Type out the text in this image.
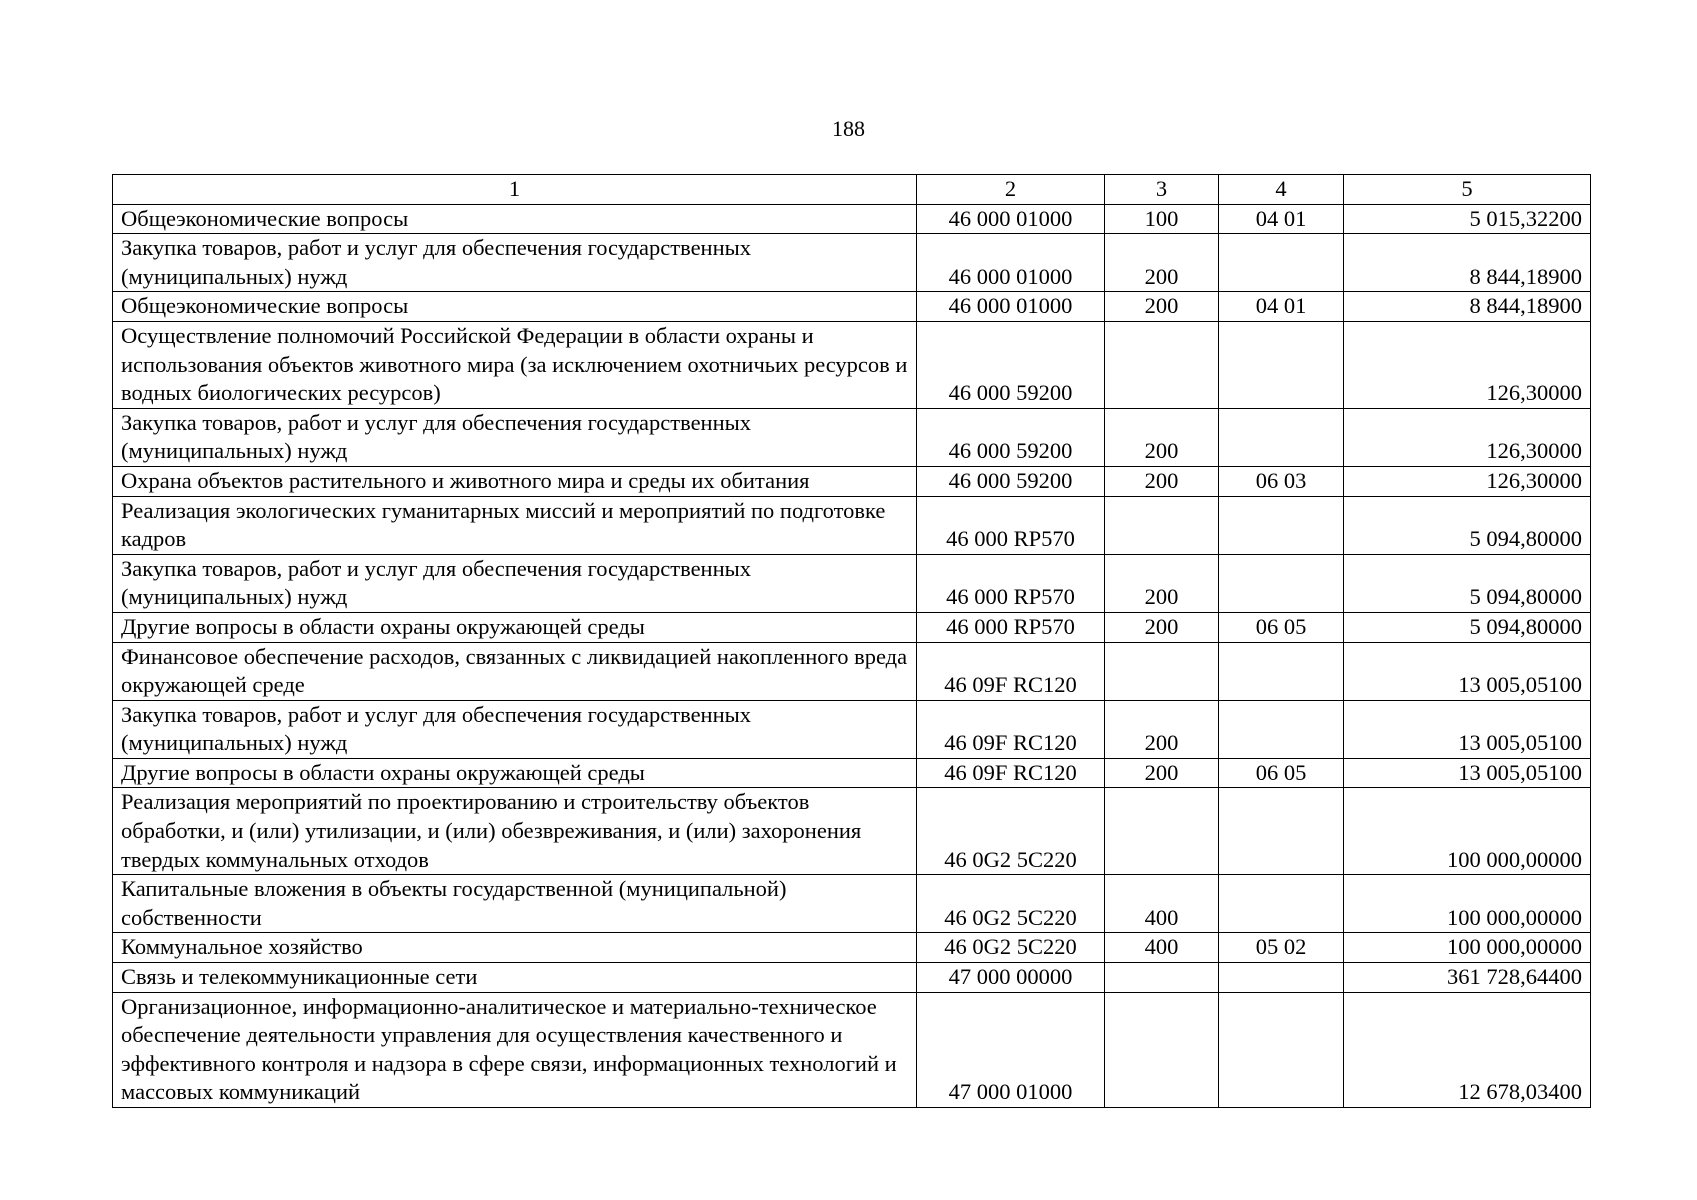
188
1	2	3	4	5
Общеэкономические вопросы	46 000 01000	100	04 01	5 015,32200
Закупка товаров, работ и услуг для обеспечения государственных (муниципальных) нужд	46 000 01000	200		8 844,18900
Общеэкономические вопросы	46 000 01000	200	04 01	8 844,18900
Осуществление полномочий Российской Федерации в области охраны и использования объектов животного мира (за исключением охотничьих ресурсов и водных биологических ресурсов)	46 000 59200			126,30000
Закупка товаров, работ и услуг для обеспечения государственных (муниципальных) нужд	46 000 59200	200		126,30000
Охрана объектов растительного и животного мира и среды их обитания	46 000 59200	200	06 03	126,30000
Реализация экологических гуманитарных миссий и мероприятий по подготовке кадров	46 000 RP570			5 094,80000
Закупка товаров, работ и услуг для обеспечения государственных (муниципальных) нужд	46 000 RP570	200		5 094,80000
Другие вопросы в области охраны окружающей среды	46 000 RP570	200	06 05	5 094,80000
Финансовое обеспечение расходов, связанных с ликвидацией накопленного вреда окружающей среде	46 09F RC120			13 005,05100
Закупка товаров, работ и услуг для обеспечения государственных (муниципальных) нужд	46 09F RC120	200		13 005,05100
Другие вопросы в области охраны окружающей среды	46 09F RC120	200	06 05	13 005,05100
Реализация мероприятий по проектированию и строительству объектов обработки, и (или) утилизации, и (или) обезвреживания, и (или) захоронения твердых коммунальных отходов	46 0G2 5C220			100 000,00000
Капитальные вложения в объекты государственной (муниципальной) собственности	46 0G2 5C220	400		100 000,00000
Коммунальное хозяйство	46 0G2 5C220	400	05 02	100 000,00000
Связь и телекоммуникационные сети	47 000 00000			361 728,64400
Организационное, информационно-аналитическое и материально-техническое обеспечение деятельности управления для осуществления качественного и эффективного контроля и надзора в сфере связи, информационных технологий и массовых коммуникаций	47 000 01000			12 678,03400
